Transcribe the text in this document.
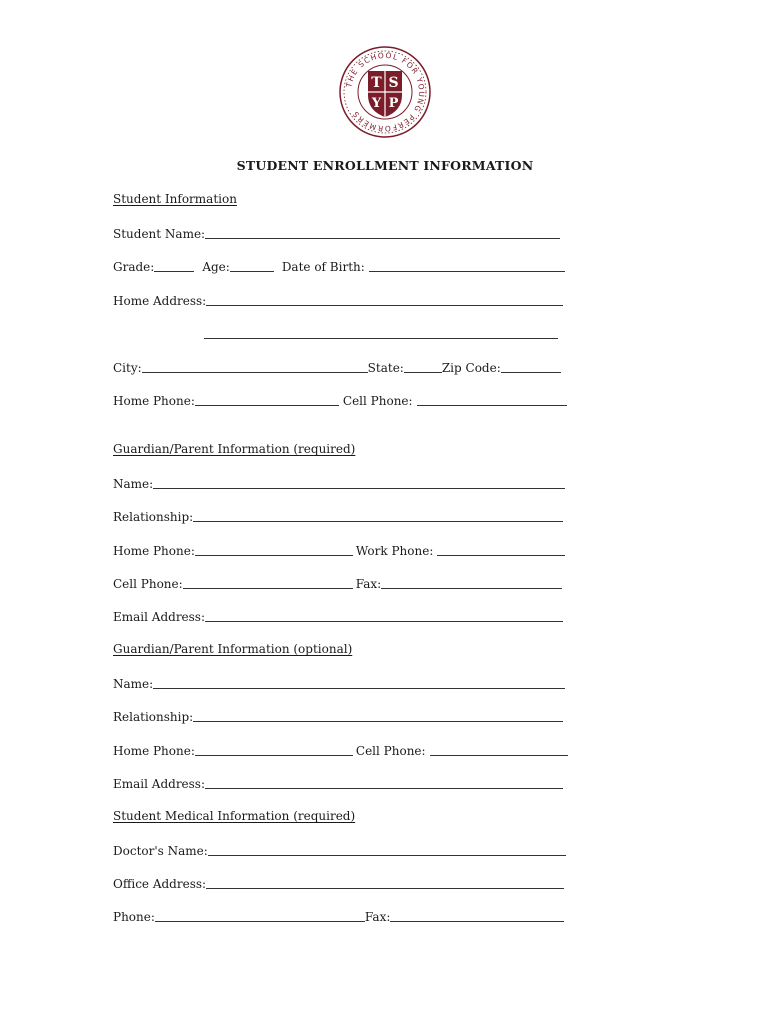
THE SCHOOL FOR YOUNG PERFORMERS
T S
Y P
STUDENT ENROLLMENT INFORMATION
Student Information
Student Name:
Grade:	Age:	Date of Birth:
Home Address:
City:	State:	Zip Code:
Home Phone:	Cell Phone:
Guardian/Parent Information (required)
Name:
Relationship:
Home Phone:	Work Phone:
Cell Phone:	Fax:
Email Address:
Guardian/Parent Information (optional)
Name:
Relationship:
Home Phone:	Cell Phone:
Email Address:
Student Medical Information (required)
Doctor's Name:
Office Address:
Phone:	Fax:
